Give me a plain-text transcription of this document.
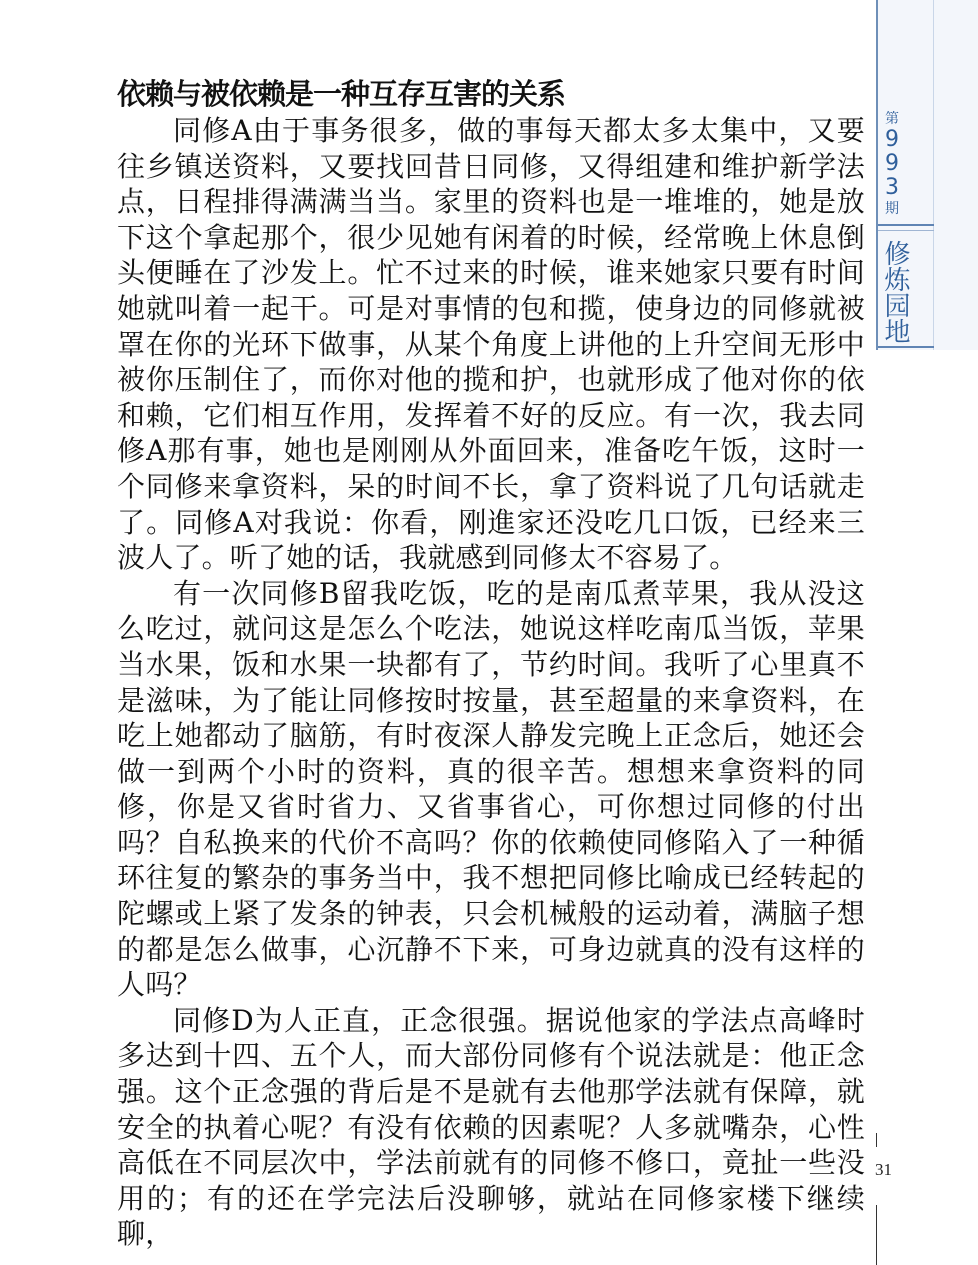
第
9
9
3
期
修炼园地
依赖与被依赖是一种互存互害的关系

同修A由于事务很多，做的事每天都太多太集中，又要往乡镇送资料，又要找回昔日同修，又得组建和维护新学法点，日程排得满满当当。家里的资料也是一堆堆的，她是放下这个拿起那个，很少见她有闲着的时候，经常晚上休息倒头便睡在了沙发上。忙不过来的时候，谁来她家只要有时间她就叫着一起干。可是对事情的包和揽，使身边的同修就被罩在你的光环下做事，从某个角度上讲他的上升空间无形中被你压制住了，而你对他的揽和护，也就形成了他对你的依和赖，它们相互作用，发挥着不好的反应。有一次，我去同修A那有事，她也是刚刚从外面回来，准备吃午饭，这时一个同修来拿资料，呆的时间不长，拿了资料说了几句话就走了。同修A对我说：你看，刚進家还没吃几口饭，已经来三波人了。听了她的话，我就感到同修太不容易了。

有一次同修B留我吃饭，吃的是南瓜煮苹果，我从没这么吃过，就问这是怎么个吃法，她说这样吃南瓜当饭，苹果当水果，饭和水果一块都有了，节约时间。我听了心里真不是滋味，为了能让同修按时按量，甚至超量的来拿资料，在吃上她都动了脑筋，有时夜深人静发完晚上正念后，她还会做一到两个小时的资料，真的很辛苦。想想来拿资料的同修，你是又省时省力、又省事省心，可你想过同修的付出吗？自私换来的代价不高吗？你的依赖使同修陷入了一种循环往复的繁杂的事务当中，我不想把同修比喻成已经转起的陀螺或上紧了发条的钟表，只会机械般的运动着，满脑子想的都是怎么做事，心沉静不下来，可身边就真的没有这样的人吗？

同修D为人正直，正念很强。据说他家的学法点高峰时多达到十四、五个人，而大部份同修有个说法就是：他正念强。这个正念强的背后是不是就有去他那学法就有保障，就安全的执着心呢？有没有依赖的因素呢？人多就嘴杂，心性高低在不同层次中，学法前就有的同修不修口，竟扯一些没用的；有的还在学完法后没聊够，就站在同修家楼下继续聊，

31
